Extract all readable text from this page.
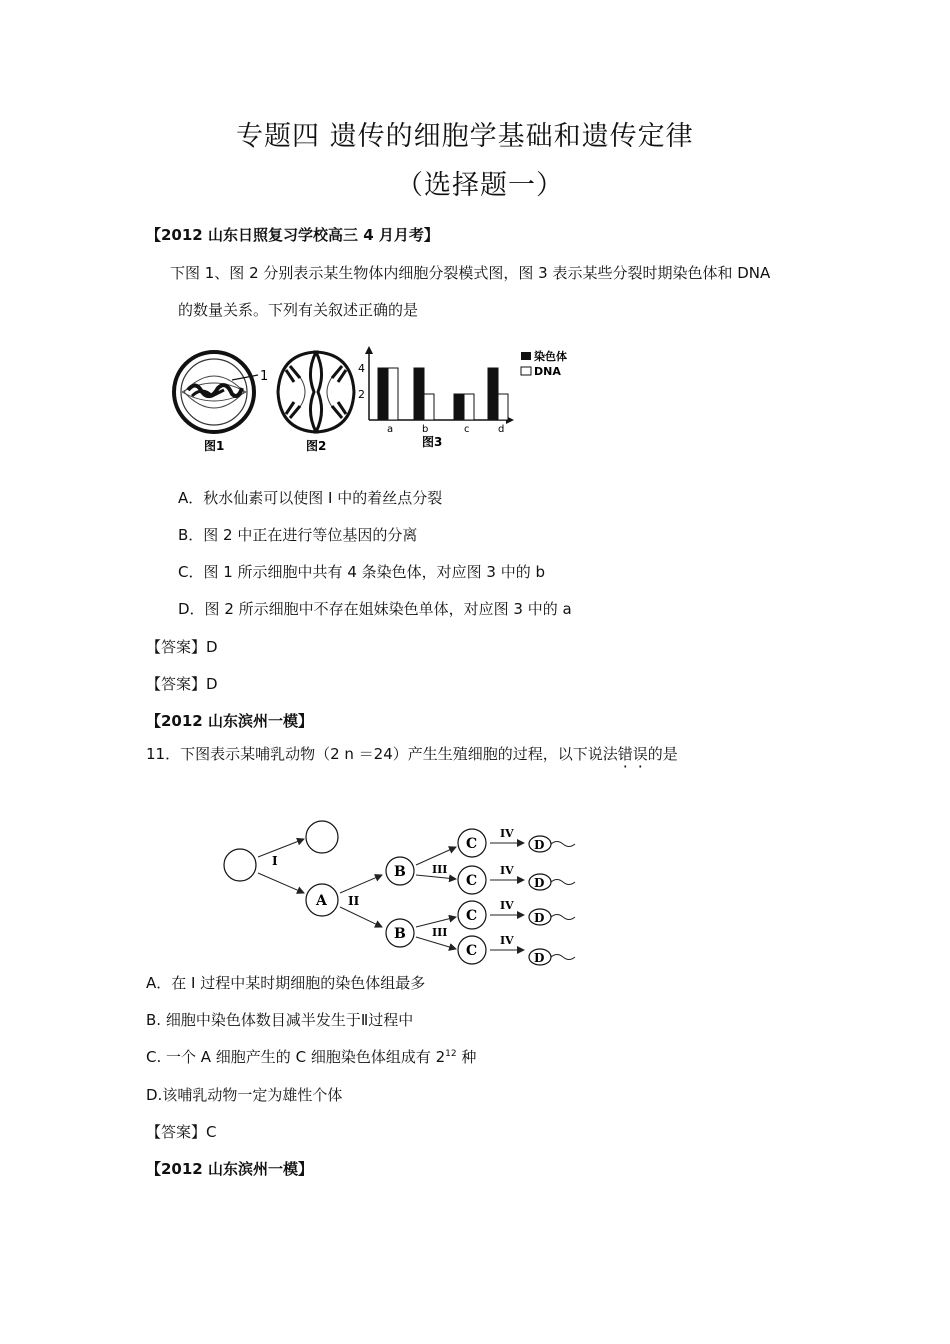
专题四 遗传的细胞学基础和遗传定律
（选择题一）
【2012 山东日照复习学校高三 4 月月考】
下图 1、图 2 分别表示某生物体内细胞分裂模式图，图 3 表示某些分裂时期染色体和 DNA
的数量关系。下列有关叙述正确的是
1
图1	图2
4
2
a	b	c	d
染色体
DNA
图3
A．秋水仙素可以使图 I 中的着丝点分裂
B．图 2 中正在进行等位基因的分离
C．图 1 所示细胞中共有 4 条染色体，对应图 3 中的 b
D．图 2 所示细胞中不存在姐妹染色单体，对应图 3 中的 a
【答案】D
【答案】D
【2012 山东滨州一模】
11．下图表示某哺乳动物（2 n ＝24）产生生殖细胞的过程，以下说法错误的是
A
I
B
B
II
C
C
C
C
III
III
IV
D
IV
D
IV
D
IV
D
A．在 I 过程中某时期细胞的染色体组最多
B. 细胞中染色体数目减半发生于Ⅱ过程中
C. 一个 A 细胞产生的 C 细胞染色体组成有 $2^{12}$ 种
D.该哺乳动物一定为雄性个体
【答案】C
【2012 山东滨州一模】
